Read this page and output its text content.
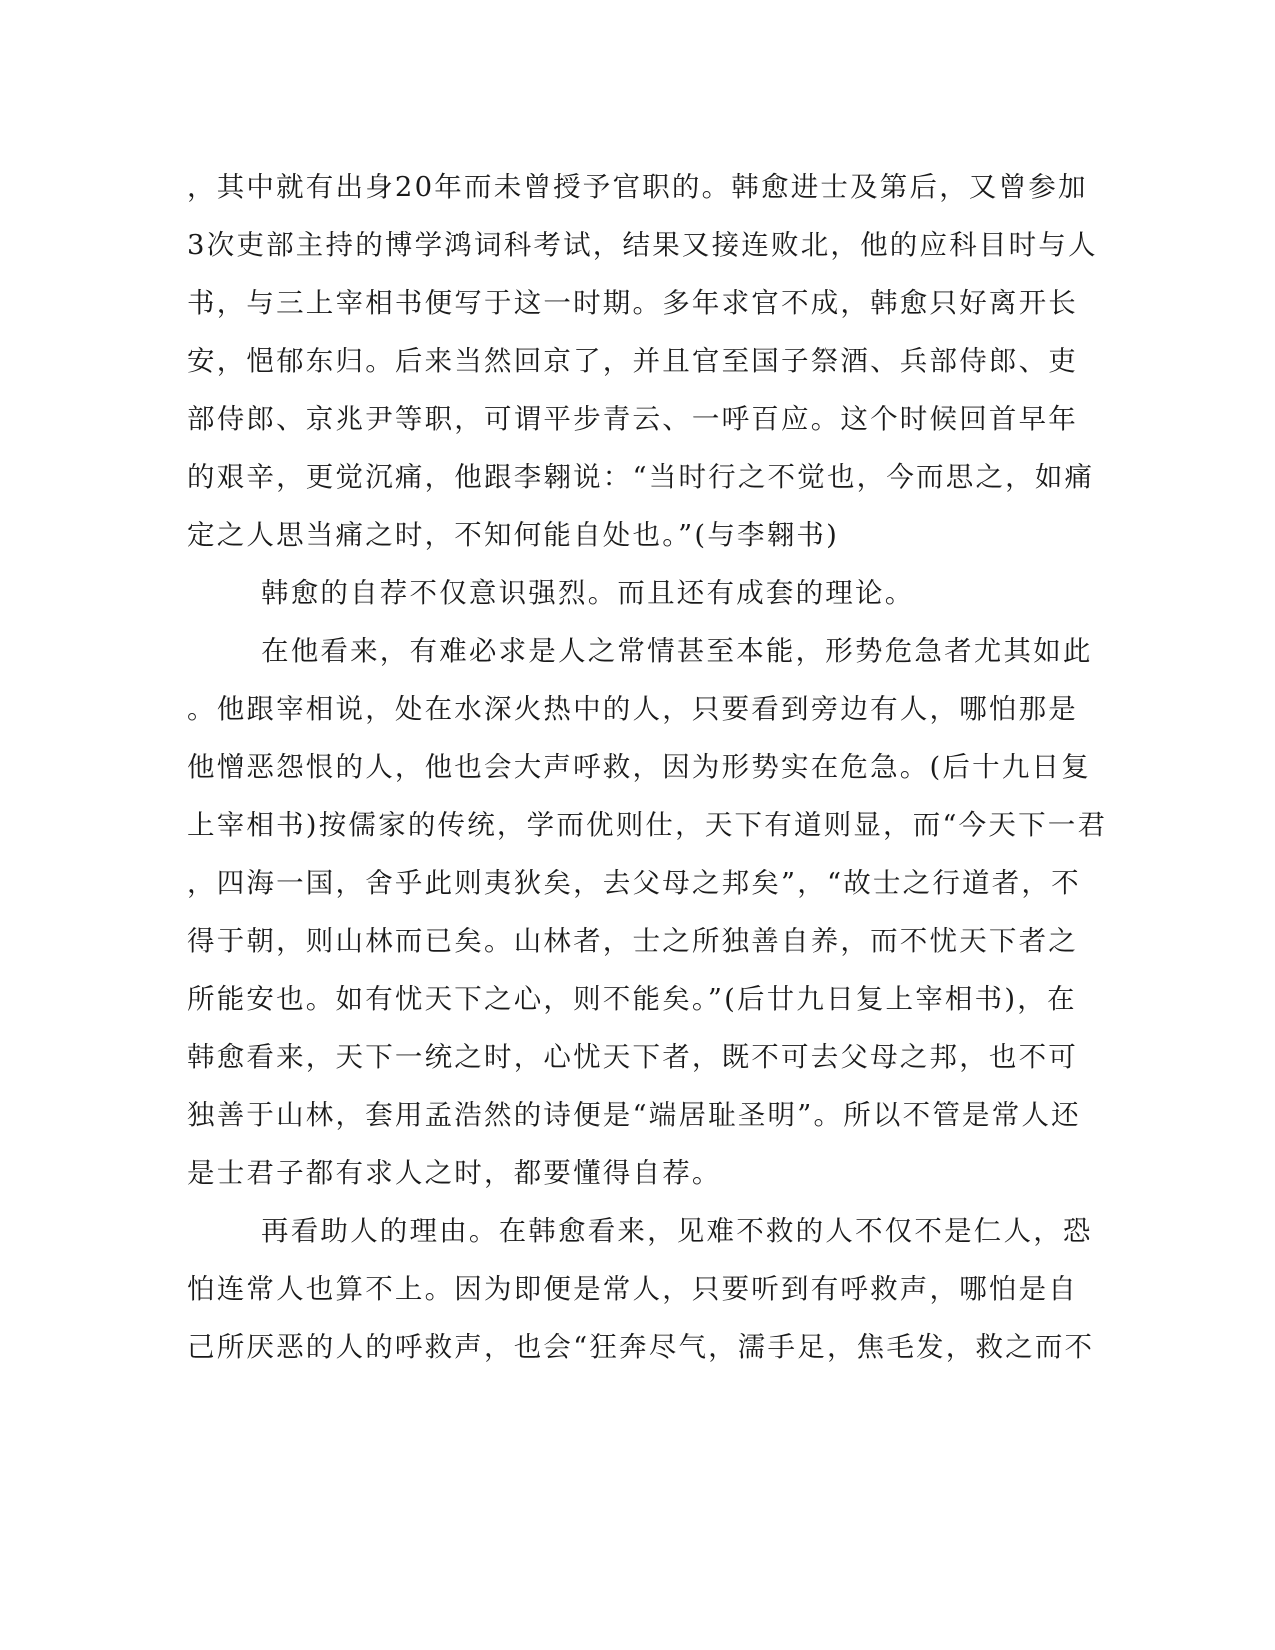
，其中就有出身20年而未曾授予官职的。韩愈进士及第后，又曾参加
3次吏部主持的博学鸿词科考试，结果又接连败北，他的应科目时与人
书，与三上宰相书便写于这一时期。多年求官不成，韩愈只好离开长
安，悒郁东归。后来当然回京了，并且官至国子祭酒、兵部侍郎、吏
部侍郎、京兆尹等职，可谓平步青云、一呼百应。这个时候回首早年
的艰辛，更觉沉痛，他跟李翱说：“当时行之不觉也，今而思之，如痛
定之人思当痛之时，不知何能自处也。”(与李翱书)
韩愈的自荐不仅意识强烈。而且还有成套的理论。
在他看来，有难必求是人之常情甚至本能，形势危急者尤其如此
。他跟宰相说，处在水深火热中的人，只要看到旁边有人，哪怕那是
他憎恶怨恨的人，他也会大声呼救，因为形势实在危急。(后十九日复
上宰相书)按儒家的传统，学而优则仕，天下有道则显，而“今天下一君
，四海一国，舍乎此则夷狄矣，去父母之邦矣”，“故士之行道者，不
得于朝，则山林而已矣。山林者，士之所独善自养，而不忧天下者之
所能安也。如有忧天下之心，则不能矣。”(后廿九日复上宰相书)，在
韩愈看来，天下一统之时，心忧天下者，既不可去父母之邦，也不可
独善于山林，套用孟浩然的诗便是“端居耻圣明”。所以不管是常人还
是士君子都有求人之时，都要懂得自荐。
再看助人的理由。在韩愈看来，见难不救的人不仅不是仁人，恐
怕连常人也算不上。因为即便是常人，只要听到有呼救声，哪怕是自
己所厌恶的人的呼救声，也会“狂奔尽气，濡手足，焦毛发，救之而不
